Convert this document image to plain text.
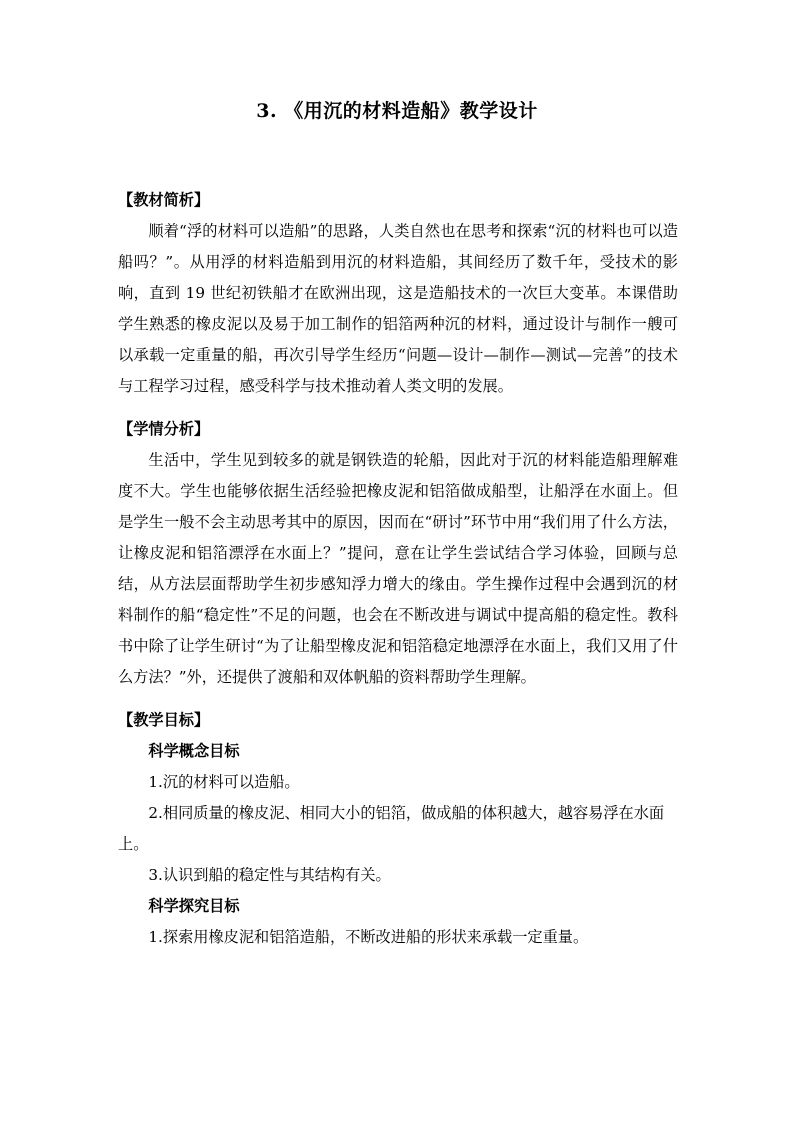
3. 《用沉的材料造船》教学设计

【教材简析】

顺着“浮的材料可以造船”的思路，人类自然也在思考和探索“沉的材料也可以造船吗？”。从用浮的材料造船到用沉的材料造船，其间经历了数千年，受技术的影响，直到 19 世纪初铁船才在欧洲出现，这是造船技术的一次巨大变革。本课借助学生熟悉的橡皮泥以及易于加工制作的铝箔两种沉的材料，通过设计与制作一艘可以承载一定重量的船，再次引导学生经历“问题—设计—制作—测试—完善”的技术与工程学习过程，感受科学与技术推动着人类文明的发展。

【学情分析】

生活中，学生见到较多的就是钢铁造的轮船，因此对于沉的材料能造船理解难度不大。学生也能够依据生活经验把橡皮泥和铝箔做成船型，让船浮在水面上。但是学生一般不会主动思考其中的原因，因而在“研讨”环节中用“我们用了什么方法，让橡皮泥和铝箔漂浮在水面上？”提问，意在让学生尝试结合学习体验，回顾与总结，从方法层面帮助学生初步感知浮力增大的缘由。学生操作过程中会遇到沉的材料制作的船“稳定性”不足的问题，也会在不断改进与调试中提高船的稳定性。教科书中除了让学生研讨“为了让船型橡皮泥和铝箔稳定地漂浮在水面上，我们又用了什么方法？”外，还提供了渡船和双体帆船的资料帮助学生理解。

【教学目标】

科学概念目标

1.沉的材料可以造船。

2.相同质量的橡皮泥、相同大小的铝箔，做成船的体积越大，越容易浮在水面上。

3.认识到船的稳定性与其结构有关。

科学探究目标

1.探索用橡皮泥和铝箔造船，不断改进船的形状来承载一定重量。
